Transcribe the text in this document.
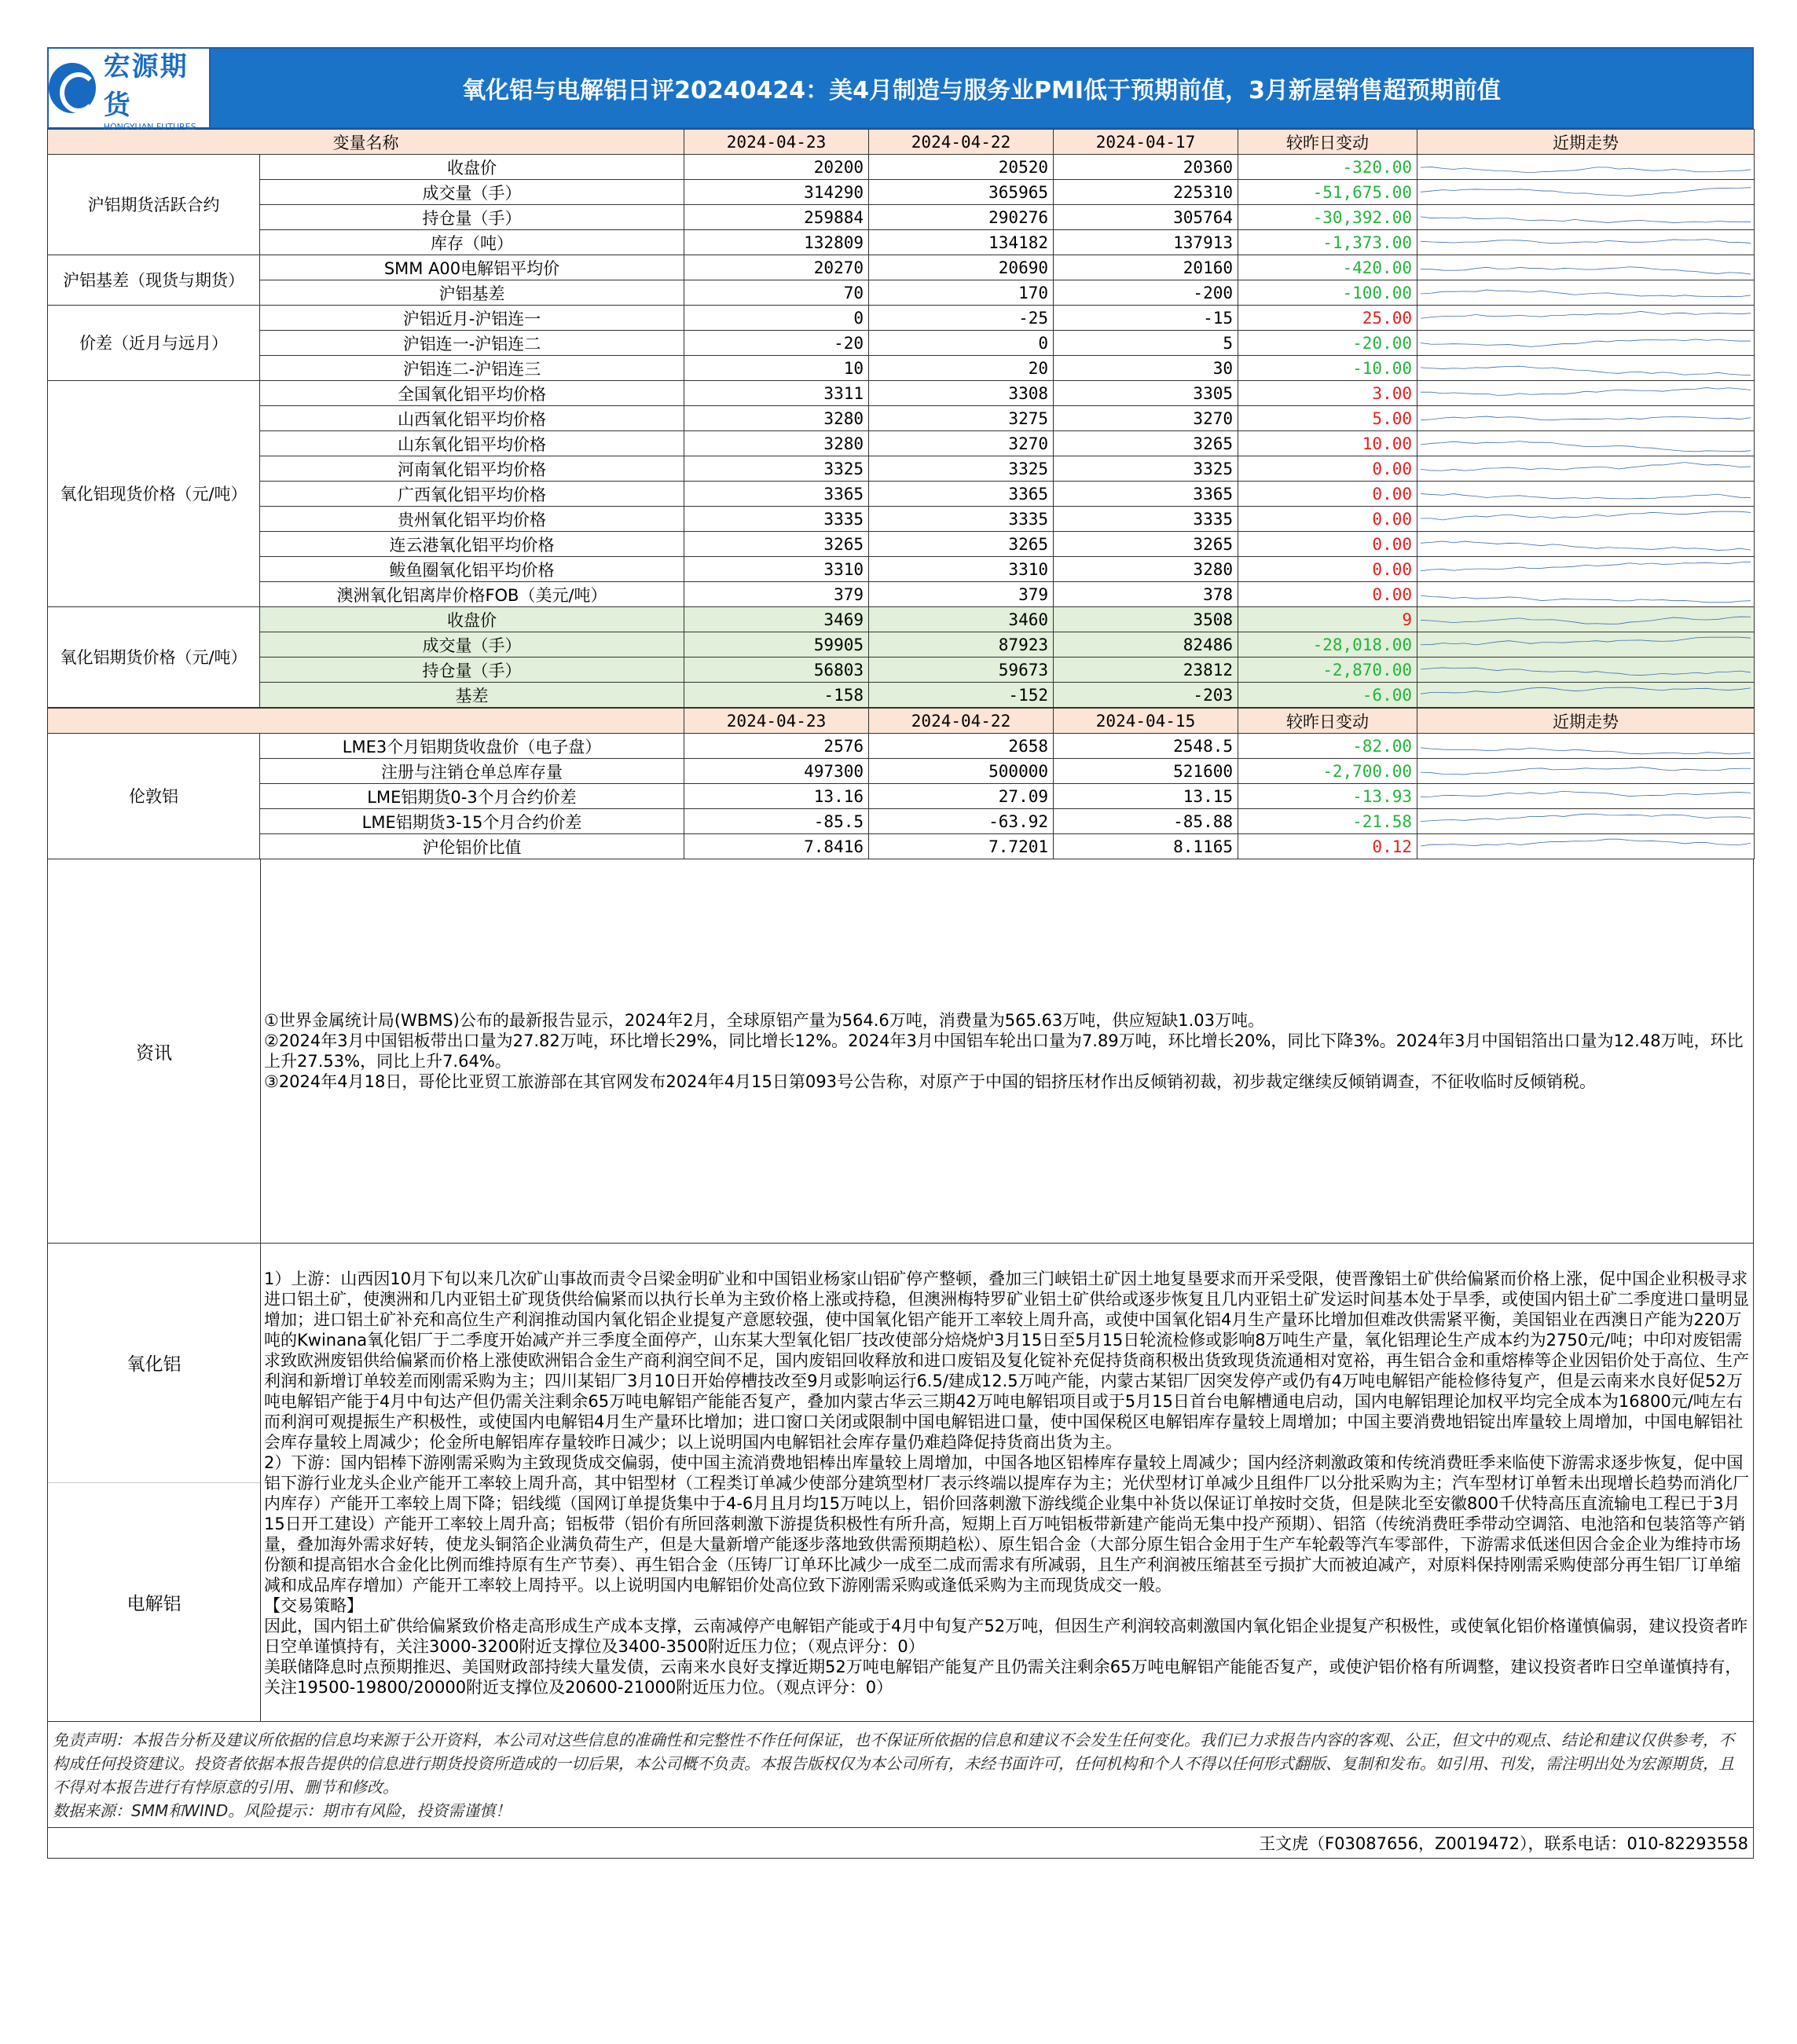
宏源期货
HONGYUAN FUTURES
氧化铝与电解铝日评20240424：美4月制造与服务业PMI低于预期前值，3月新屋销售超预期前值
变量名称		2024-04-23	2024-04-22	2024-04-17	较昨日变动	近期走势
沪铝期货活跃合约	收盘价	20200	20520	20360	-320.00	

	成交量（手）	314290	365965	225310	-51,675.00	

	持仓量（手）	259884	290276	305764	-30,392.00	

	库存（吨）	132809	134182	137913	-1,373.00	

沪铝基差（现货与期货）	SMM A00电解铝平均价	20270	20690	20160	-420.00	

	沪铝基差	70	170	-200	-100.00	

价差（近月与远月）	沪铝近月-沪铝连一	0	-25	-15	25.00	

	沪铝连一-沪铝连二	-20	0	5	-20.00	

	沪铝连二-沪铝连三	10	20	30	-10.00	

氧化铝现货价格（元/吨）	全国氧化铝平均价格	3311	3308	3305	3.00	

	山西氧化铝平均价格	3280	3275	3270	5.00	

	山东氧化铝平均价格	3280	3270	3265	10.00	

	河南氧化铝平均价格	3325	3325	3325	0.00	

	广西氧化铝平均价格	3365	3365	3365	0.00	

	贵州氧化铝平均价格	3335	3335	3335	0.00	

	连云港氧化铝平均价格	3265	3265	3265	0.00	

	鲅鱼圈氧化铝平均价格	3310	3310	3280	0.00	

	澳洲氧化铝离岸价格FOB（美元/吨）	379	379	378	0.00	

氧化铝期货价格（元/吨）	收盘价	3469	3460	3508	9	

	成交量（手）	59905	87923	82486	-28,018.00	

	持仓量（手）	56803	59673	23812	-2,870.00	

	基差	-158	-152	-203	-6.00	
		2024-04-23	2024-04-22	2024-04-15	较昨日变动	近期走势
伦敦铝	LME3个月铝期货收盘价（电子盘）	2576	2658	2548.5	-82.00	

	注册与注销仓单总库存量	497300	500000	521600	-2,700.00	

	LME铝期货0-3个月合约价差	13.16	27.09	13.15	-13.93	

	LME铝期货3-15个月合约价差	-85.5	-63.92	-85.88	-21.58	

	沪伦铝价比值	7.8416	7.7201	8.1165	0.12	
资讯

①世界金属统计局(WBMS)公布的最新报告显示，2024年2月，全球原铝产量为564.6万吨，消费量为565.63万吨，供应短缺1.03万吨。

②2024年3月中国铝板带出口量为27.82万吨，环比增长29%，同比增长12%。2024年3月中国铝车轮出口量为7.89万吨，环比增长20%，同比下降3%。2024年3月中国铝箔出口量为12.48万吨，环比上升27.53%，同比上升7.64%。

③2024年4月18日，哥伦比亚贸工旅游部在其官网发布2024年4月15日第093号公告称，对原产于中国的铝挤压材作出反倾销初裁，初步裁定继续反倾销调查，不征收临时反倾销税。

氧化铝
电解铝

1）上游：山西因10月下旬以来几次矿山事故而责令吕梁金明矿业和中国铝业杨家山铝矿停产整顿，叠加三门峡铝土矿因土地复垦要求而开采受限，使晋豫铝土矿供给偏紧而价格上涨，促中国企业积极寻求进口铝土矿，使澳洲和几内亚铝土矿现货供给偏紧而以执行长单为主致价格上涨或持稳，但澳洲梅特罗矿业铝土矿供给或逐步恢复且几内亚铝土矿发运时间基本处于旱季，或使国内铝土矿二季度进口量明显增加；进口铝土矿补充和高位生产利润推动国内氧化铝企业提复产意愿较强，使中国氧化铝产能开工率较上周升高，或使中国氧化铝4月生产量环比增加但难改供需紧平衡，美国铝业在西澳日产能为220万吨的Kwinana氧化铝厂于二季度开始减产并三季度全面停产，山东某大型氧化铝厂技改使部分焙烧炉3月15日至5月15日轮流检修或影响8万吨生产量，氧化铝理论生产成本约为2750元/吨；中印对废铝需求致欧洲废铝供给偏紧而价格上涨使欧洲铝合金生产商利润空间不足，国内废铝回收释放和进口废铝及复化锭补充促持货商积极出货致现货流通相对宽裕，再生铝合金和重熔棒等企业因铝价处于高位、生产利润和新增订单较差而刚需采购为主；四川某铝厂3月10日开始停槽技改至9月或影响运行6.5/建成12.5万吨产能，内蒙古某铝厂因突发停产或仍有4万吨电解铝产能检修待复产，但是云南来水良好促52万吨电解铝产能于4月中旬达产但仍需关注剩余65万吨电解铝产能能否复产，叠加内蒙古华云三期42万吨电解铝项目或于5月15日首台电解槽通电启动，国内电解铝理论加权平均完全成本为16800元/吨左右而利润可观提振生产积极性，或使国内电解铝4月生产量环比增加；进口窗口关闭或限制中国电解铝进口量，使中国保税区电解铝库存量较上周增加；中国主要消费地铝锭出库量较上周增加，中国电解铝社会库存量较上周减少；伦金所电解铝库存量较昨日减少；以上说明国内电解铝社会库存量仍难趋降促持货商出货为主。

2）下游：国内铝棒下游刚需采购为主致现货成交偏弱，使中国主流消费地铝棒出库量较上周增加，中国各地区铝棒库存量较上周减少；国内经济刺激政策和传统消费旺季来临使下游需求逐步恢复，促中国铝下游行业龙头企业产能开工率较上周升高，其中铝型材（工程类订单减少使部分建筑型材厂表示终端以提库存为主；光伏型材订单减少且组件厂以分批采购为主；汽车型材订单暂未出现增长趋势而消化厂内库存）产能开工率较上周下降；铝线缆（国网订单提货集中于4-6月且月均15万吨以上，铝价回落刺激下游线缆企业集中补货以保证订单按时交货，但是陕北至安徽800千伏特高压直流输电工程已于3月15日开工建设）产能开工率较上周升高；铝板带（铝价有所回落刺激下游提货积极性有所升高，短期上百万吨铝板带新建产能尚无集中投产预期）、铝箔（传统消费旺季带动空调箔、电池箔和包装箔等产销量，叠加海外需求好转，使龙头铜箔企业满负荷生产，但是大量新增产能逐步落地致供需预期趋松）、原生铝合金（大部分原生铝合金用于生产车轮毂等汽车零部件，下游需求低迷但因合金企业为维持市场份额和提高铝水合金化比例而维持原有生产节奏）、再生铝合金（压铸厂订单环比减少一成至二成而需求有所减弱，且生产利润被压缩甚至亏损扩大而被迫减产，对原料保持刚需采购使部分再生铝厂订单缩减和成品库存增加）产能开工率较上周持平。以上说明国内电解铝价处高位致下游刚需采购或逢低采购为主而现货成交一般。

【交易策略】

因此，国内铝土矿供给偏紧致价格走高形成生产成本支撑，云南减停产电解铝产能或于4月中旬复产52万吨，但因生产利润较高刺激国内氧化铝企业提复产积极性，或使氧化铝价格谨慎偏弱，建议投资者昨日空单谨慎持有，关注3000-3200附近支撑位及3400-3500附近压力位；（观点评分：0）

美联储降息时点预期推迟、美国财政部持续大量发债，云南来水良好支撑近期52万吨电解铝产能复产且仍需关注剩余65万吨电解铝产能能否复产，或使沪铝价格有所调整，建议投资者昨日空单谨慎持有，关注19500-19800/20000附近支撑位及20600-21000附近压力位。（观点评分：0）

免责声明：本报告分析及建议所依据的信息均来源于公开资料，本公司对这些信息的准确性和完整性不作任何保证，也不保证所依据的信息和建议不会发生任何变化。我们已力求报告内容的客观、公正，但文中的观点、结论和建议仅供参考，不构成任何投资建议。投资者依据本报告提供的信息进行期货投资所造成的一切后果，本公司概不负责。本报告版权仅为本公司所有，未经书面许可，任何机构和个人不得以任何形式翻版、复制和发布。如引用、刊发，需注明出处为宏源期货，且不得对本报告进行有悖原意的引用、删节和修改。
数据来源：SMM和WIND。风险提示：期市有风险，投资需谨慎！
王文虎（F03087656，Z0019472），联系电话：010-82293558
